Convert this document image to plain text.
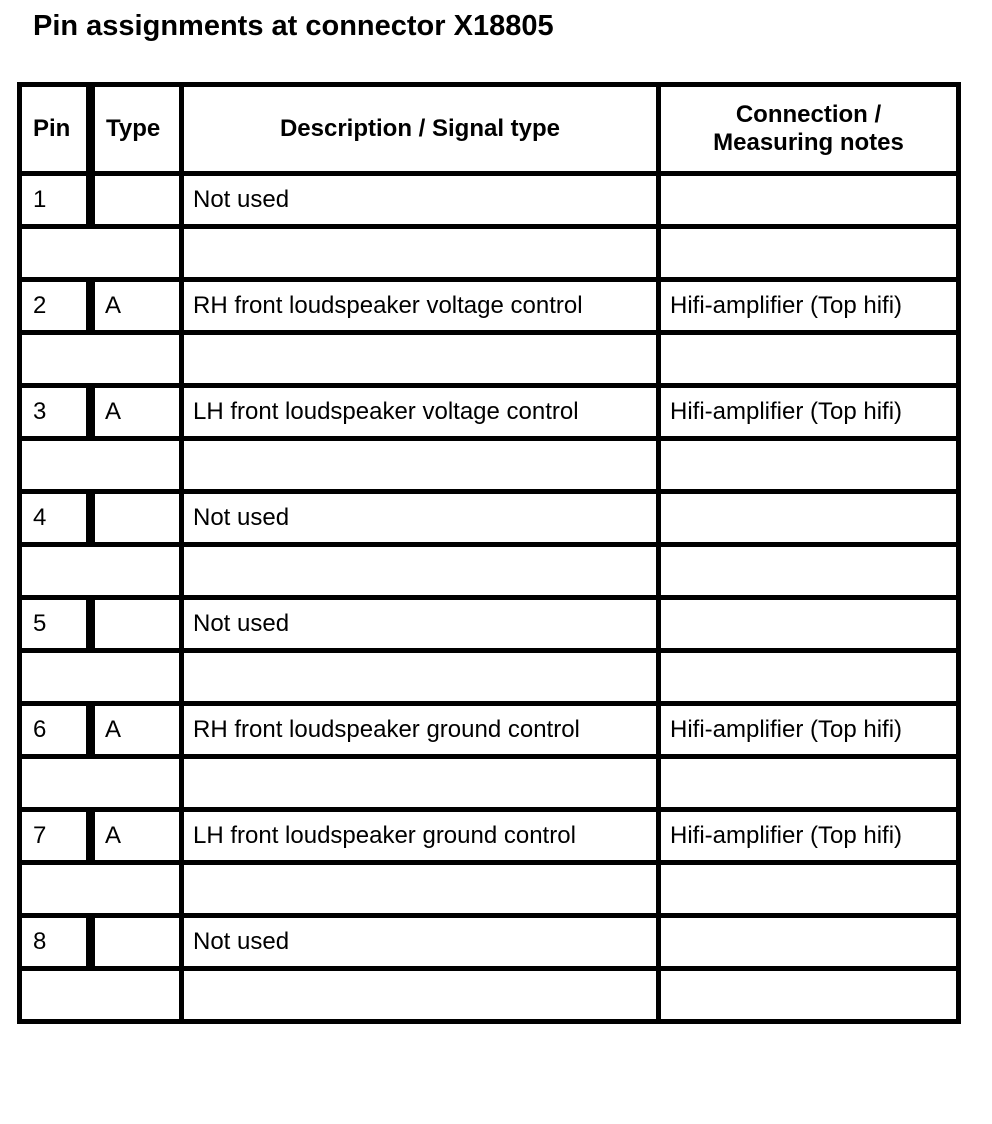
Pin assignments at connector X18805
Pin	Type	Description / Signal type	Connection /
Measuring notes

1		Not used	

2	A	RH front loudspeaker voltage control	Hifi-amplifier (Top hifi)

3	A	LH front loudspeaker voltage control	Hifi-amplifier (Top hifi)

4		Not used	

5		Not used	

6	A	RH front loudspeaker ground control	Hifi-amplifier (Top hifi)

7	A	LH front loudspeaker ground control	Hifi-amplifier (Top hifi)

8		Not used	
